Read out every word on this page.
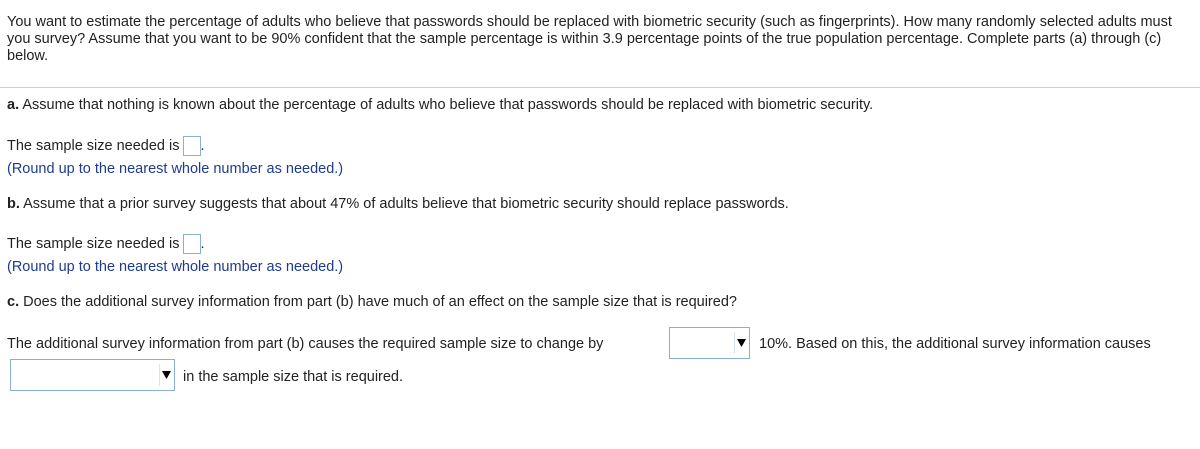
You want to estimate the percentage of adults who believe that passwords should be replaced with biometric security (such as fingerprints). How many randomly selected adults must you survey? Assume that you want to be 90% confident that the sample percentage is within 3.9 percentage points of the true population percentage. Complete parts (a) through (c) below.
a. Assume that nothing is known about the percentage of adults who believe that passwords should be replaced with biometric security.
The sample size needed is .
(Round up to the nearest whole number as needed.)
b. Assume that a prior survey suggests that about 47% of adults believe that biometric security should replace passwords.
The sample size needed is .
(Round up to the nearest whole number as needed.)
c. Does the additional survey information from part (b) have much of an effect on the sample size that is required?
The additional survey information from part (b) causes the required sample size to change by	10%. Based on this, the additional survey information causes
in the sample size that is required.
